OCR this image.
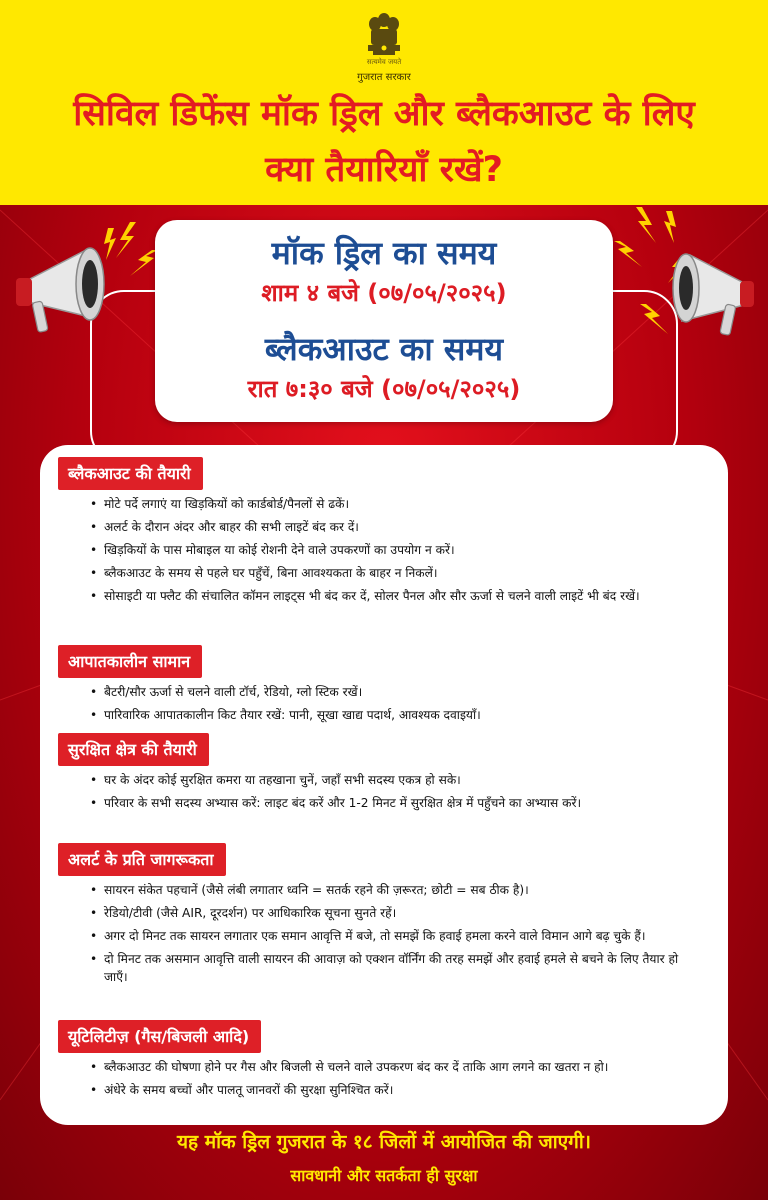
सत्यमेव जयते
गुजरात सरकार
सिविल डिफेंस मॉक ड्रिल और ब्लैकआउट के लिए
क्या तैयारियाँ रखें?
मॉक ड्रिल का समय
शाम ४ बजे (०७/०५/२०२५)
ब्लैकआउट का समय
रात ७:३० बजे (०७/०५/२०२५)
ब्लैकआउट की तैयारी
• मोटे पर्दे लगाएं या खिड़कियों को कार्डबोर्ड/पैनलों से ढकें।
• अलर्ट के दौरान अंदर और बाहर की सभी लाइटें बंद कर दें।
• खिड़कियों के पास मोबाइल या कोई रोशनी देने वाले उपकरणों का उपयोग न करें।
• ब्लैकआउट के समय से पहले घर पहुँचें, बिना आवश्यकता के बाहर न निकलें।
• सोसाइटी या फ्लैट की संचालित कॉमन लाइट्स भी बंद कर दें, सोलर पैनल और सौर ऊर्जा से चलने वाली लाइटें भी बंद रखें।
आपातकालीन सामान
• बैटरी/सौर ऊर्जा से चलने वाली टॉर्च, रेडियो, ग्लो स्टिक रखें।
• पारिवारिक आपातकालीन किट तैयार रखें: पानी, सूखा खाद्य पदार्थ, आवश्यक दवाइयाँ।
सुरक्षित क्षेत्र की तैयारी
• घर के अंदर कोई सुरक्षित कमरा या तहखाना चुनें, जहाँ सभी सदस्य एकत्र हो सके।
• परिवार के सभी सदस्य अभ्यास करें: लाइट बंद करें और 1-2 मिनट में सुरक्षित क्षेत्र में पहुँचने का अभ्यास करें।
अलर्ट के प्रति जागरूकता
• सायरन संकेत पहचानें (जैसे लंबी लगातार ध्वनि = सतर्क रहने की ज़रूरत; छोटी = सब ठीक है)।
• रेडियो/टीवी (जैसे AIR, दूरदर्शन) पर आधिकारिक सूचना सुनते रहें।
• अगर दो मिनट तक सायरन लगातार एक समान आवृत्ति में बजे, तो समझें कि हवाई हमला करने वाले विमान आगे बढ़ चुके हैं।
• दो मिनट तक असमान आवृत्ति वाली सायरन की आवाज़ को एक्शन वॉर्निंग की तरह समझें और हवाई हमले से बचने के लिए तैयार हो जाएँ।
यूटिलिटीज़ (गैस/बिजली आदि)
• ब्लैकआउट की घोषणा होने पर गैस और बिजली से चलने वाले उपकरण बंद कर दें ताकि आग लगने का खतरा न हो।
• अंधेरे के समय बच्चों और पालतू जानवरों की सुरक्षा सुनिश्चित करें।
यह मॉक ड्रिल गुजरात के १८ जिलों में आयोजित की जाएगी।
सावधानी और सतर्कता ही सुरक्षा
